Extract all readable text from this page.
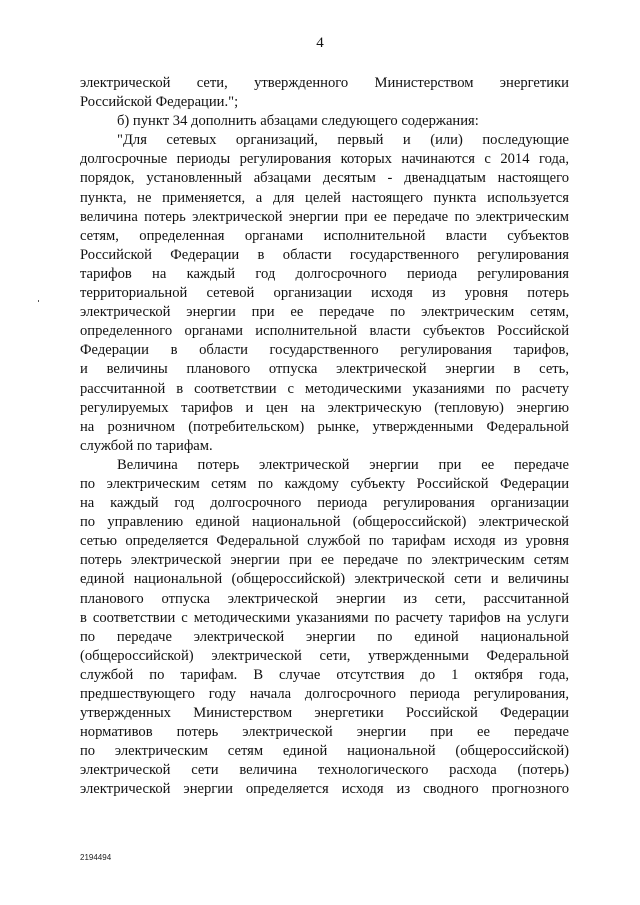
4
электрической сети, утвержденного Министерством энергетики
Российской Федерации.";
б) пункт 34 дополнить абзацами следующего содержания:
"Для сетевых организаций, первый и (или) последующие
долгосрочные периоды регулирования которых начинаются с 2014 года,
порядок, установленный абзацами десятым - двенадцатым настоящего
пункта, не применяется, а для целей настоящего пункта используется
величина потерь электрической энергии при ее передаче по электрическим
сетям, определенная органами исполнительной власти субъектов
Российской Федерации в области государственного регулирования
тарифов на каждый год долгосрочного периода регулирования
территориальной сетевой организации исходя из уровня потерь
электрической энергии при ее передаче по электрическим сетям,
определенного органами исполнительной власти субъектов Российской
Федерации в области государственного регулирования тарифов,
и величины планового отпуска электрической энергии в сеть,
рассчитанной в соответствии с методическими указаниями по расчету
регулируемых тарифов и цен на электрическую (тепловую) энергию
на розничном (потребительском) рынке, утвержденными Федеральной
службой по тарифам.
Величина потерь электрической энергии при ее передаче
по электрическим сетям по каждому субъекту Российской Федерации
на каждый год долгосрочного периода регулирования организации
по управлению единой национальной (общероссийской) электрической
сетью определяется Федеральной службой по тарифам исходя из уровня
потерь электрической энергии при ее передаче по электрическим сетям
единой национальной (общероссийской) электрической сети и величины
планового отпуска электрической энергии из сети, рассчитанной
в соответствии с методическими указаниями по расчету тарифов на услуги
по передаче электрической энергии по единой национальной
(общероссийской) электрической сети, утвержденными Федеральной
службой по тарифам. В случае отсутствия до 1 октября года,
предшествующего году начала долгосрочного периода регулирования,
утвержденных Министерством энергетики Российской Федерации
нормативов потерь электрической энергии при ее передаче
по электрическим сетям единой национальной (общероссийской)
электрической сети величина технологического расхода (потерь)
электрической энергии определяется исходя из сводного прогнозного
2194494
